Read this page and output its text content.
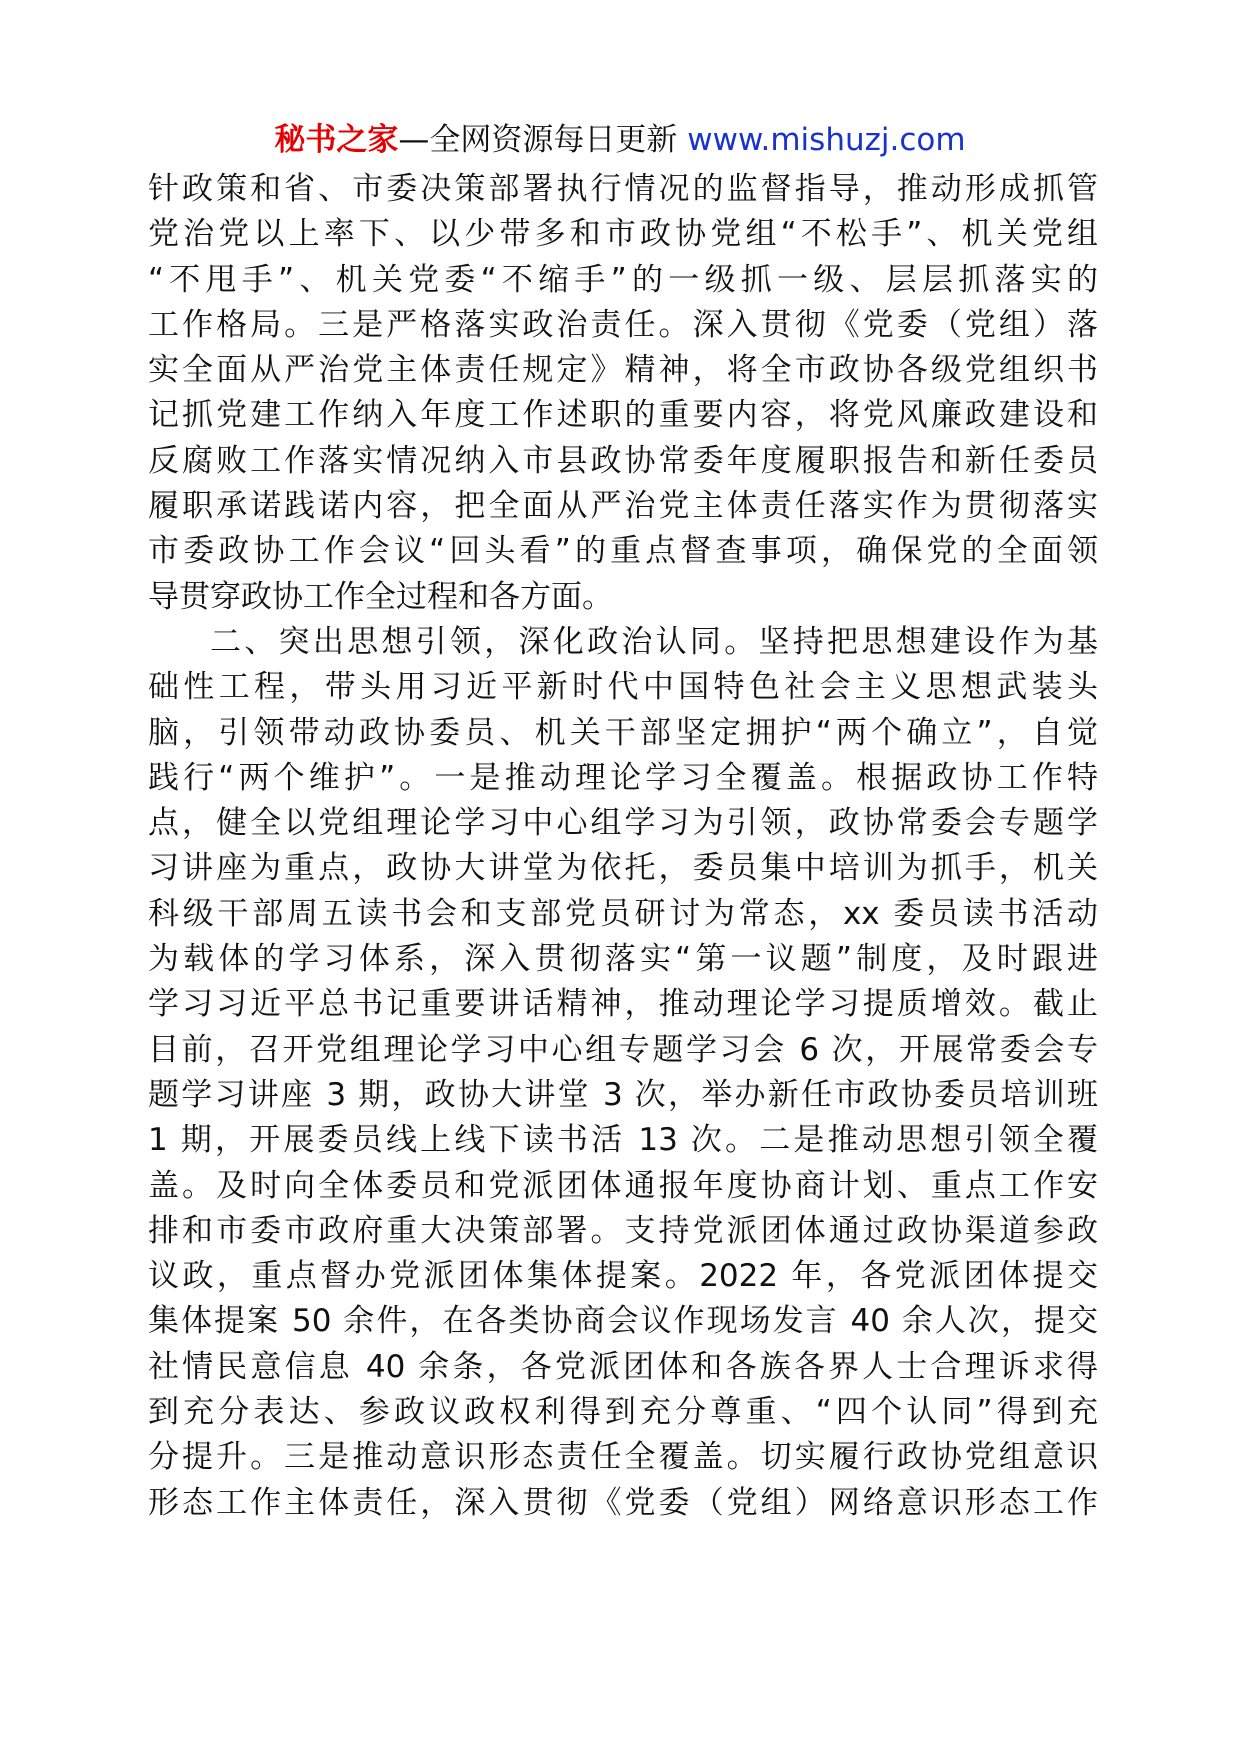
秘书之家—全网资源每日更新 www.mishuzj.com
针政策和省、市委决策部署执行情况的监督指导，推动形成抓管
党治党以上率下、以少带多和市政协党组“不松手”、机关党组
“不甩手”、机关党委“不缩手”的一级抓一级、层层抓落实的
工作格局。三是严格落实政治责任。深入贯彻《党委（党组）落
实全面从严治党主体责任规定》精神，将全市政协各级党组织书
记抓党建工作纳入年度工作述职的重要内容，将党风廉政建设和
反腐败工作落实情况纳入市县政协常委年度履职报告和新任委员
履职承诺践诺内容，把全面从严治党主体责任落实作为贯彻落实
市委政协工作会议“回头看”的重点督查事项，确保党的全面领
导贯穿政协工作全过程和各方面。
二、突出思想引领，深化政治认同。坚持把思想建设作为基
础性工程，带头用习近平新时代中国特色社会主义思想武装头
脑，引领带动政协委员、机关干部坚定拥护“两个确立”，自觉
践行“两个维护”。一是推动理论学习全覆盖。根据政协工作特
点，健全以党组理论学习中心组学习为引领，政协常委会专题学
习讲座为重点，政协大讲堂为依托，委员集中培训为抓手，机关
科级干部周五读书会和支部党员研讨为常态，xx 委员读书活动
为载体的学习体系，深入贯彻落实“第一议题”制度，及时跟进
学习习近平总书记重要讲话精神，推动理论学习提质增效。截止
目前，召开党组理论学习中心组专题学习会 6 次，开展常委会专
题学习讲座 3 期，政协大讲堂 3 次，举办新任市政协委员培训班
1 期，开展委员线上线下读书活 13 次。二是推动思想引领全覆
盖。及时向全体委员和党派团体通报年度协商计划、重点工作安
排和市委市政府重大决策部署。支持党派团体通过政协渠道参政
议政，重点督办党派团体集体提案。2022 年，各党派团体提交
集体提案 50 余件，在各类协商会议作现场发言 40 余人次，提交
社情民意信息 40 余条，各党派团体和各族各界人士合理诉求得
到充分表达、参政议政权利得到充分尊重、“四个认同”得到充
分提升。三是推动意识形态责任全覆盖。切实履行政协党组意识
形态工作主体责任，深入贯彻《党委（党组）网络意识形态工作
